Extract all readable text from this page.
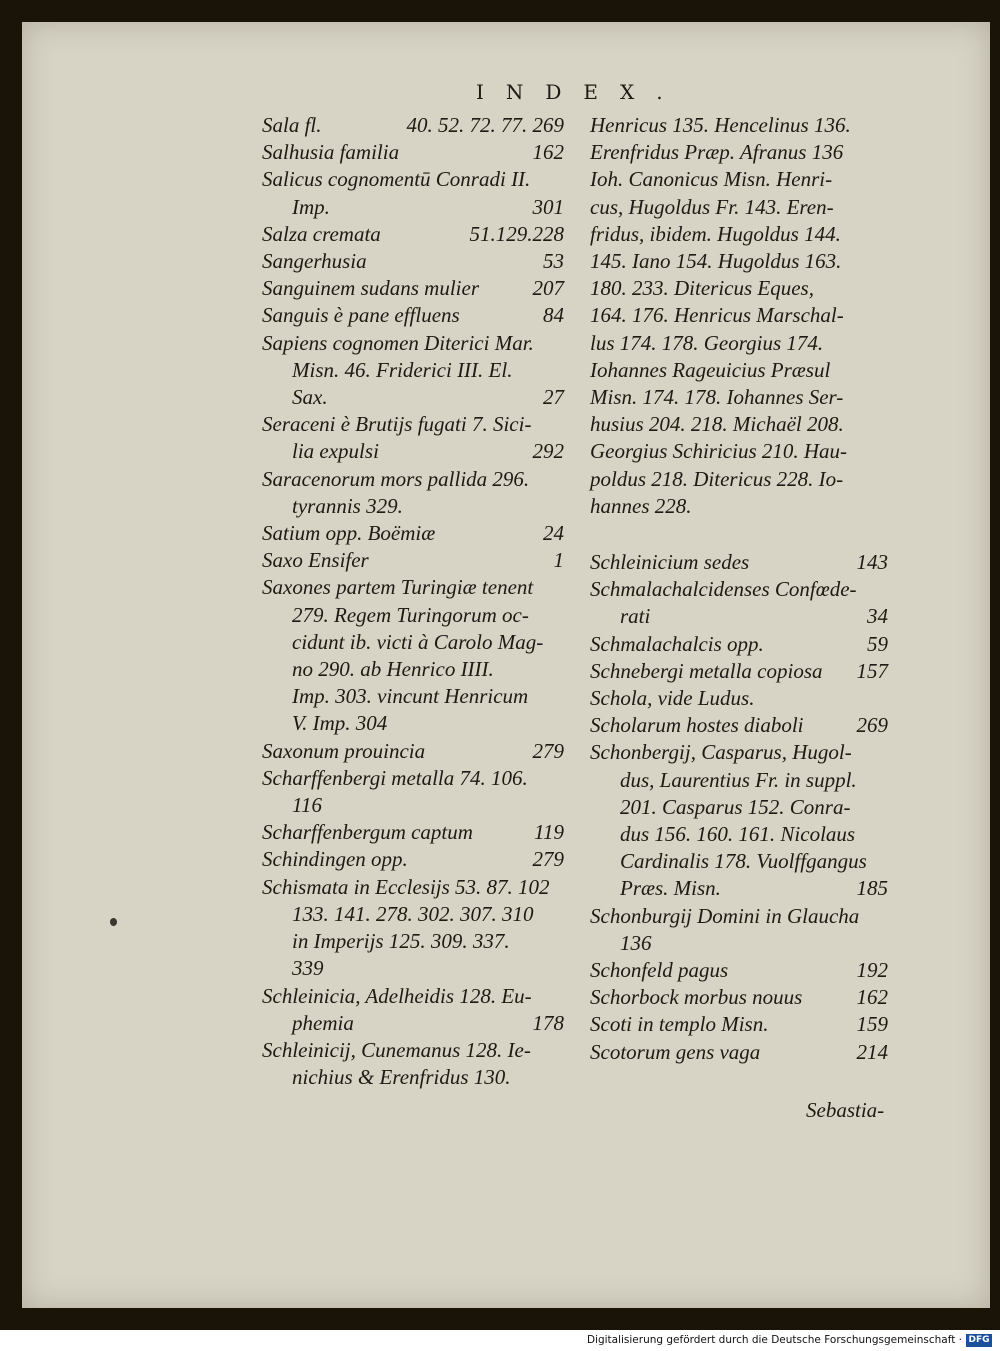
INDEX.
Sala fl.	40. 52. 72. 77. 269
Salhusia familia	162
Salicus cognomentū Conradi II.
Imp.	301
Salza cremata	51.129.228
Sangerhusia	53
Sanguinem sudans mulier	207
Sanguis è pane effluens	84
Sapiens cognomen Diterici Mar.
Misn. 46. Friderici III. El.
Sax.	27
Seraceni è Brutijs fugati 7. Sici-
lia expulsi	292
Saracenorum mors pallida 296.
tyrannis 329.
Satium opp. Boëmiæ	24
Saxo Ensifer	1
Saxones partem Turingiæ tenent
279. Regem Turingorum oc-
cidunt ib. victi à Carolo Mag-
no 290. ab Henrico IIII.
Imp. 303. vincunt Henricum
V. Imp. 304
Saxonum prouincia	279
Scharffenbergi metalla 74. 106.
116
Scharffenbergum captum	119
Schindingen opp.	279
Schismata in Ecclesijs 53. 87. 102
133. 141. 278. 302. 307. 310
in Imperijs 125. 309. 337.
339
Schleinicia, Adelheidis 128. Eu-
phemia	178
Schleinicij, Cunemanus 128. Ie-
nichius & Erenfridus 130.
Henricus 135. Hencelinus 136.
Erenfridus Præp. Afranus 136
Ioh. Canonicus Misn. Henri-
cus, Hugoldus Fr. 143. Eren-
fridus, ibidem. Hugoldus 144.
145. Iano 154. Hugoldus 163.
180. 233. Ditericus Eques,
164. 176. Henricus Marschal-
lus 174. 178. Georgius 174.
Iohannes Rageuicius Præsul
Misn. 174. 178. Iohannes Ser-
husius 204. 218. Michaël 208.
Georgius Schiricius 210. Hau-
poldus 218. Ditericus 228. Io-
hannes 228.
Schleinicium sedes	143
Schmalachalcidenses Confœde-
rati	34
Schmalachalcis opp.	59
Schnebergi metalla copiosa 157
Schola, vide Ludus.
Scholarum hostes diaboli	269
Schonbergij, Casparus, Hugol-
dus, Laurentius Fr. in suppl.
201. Casparus 152. Conra-
dus 156. 160. 161. Nicolaus
Cardinalis 178. Vuolffgangus
Præs. Misn.	185
Schonburgij Domini in Glaucha
136
Schonfeld pagus	192
Schorbock morbus nouus	162
Scoti in templo Misn.	159
Scotorum gens vaga	214
Sebastia-
Digitalisierung gefördert durch die Deutsche Forschungsgemeinschaft · DFG
